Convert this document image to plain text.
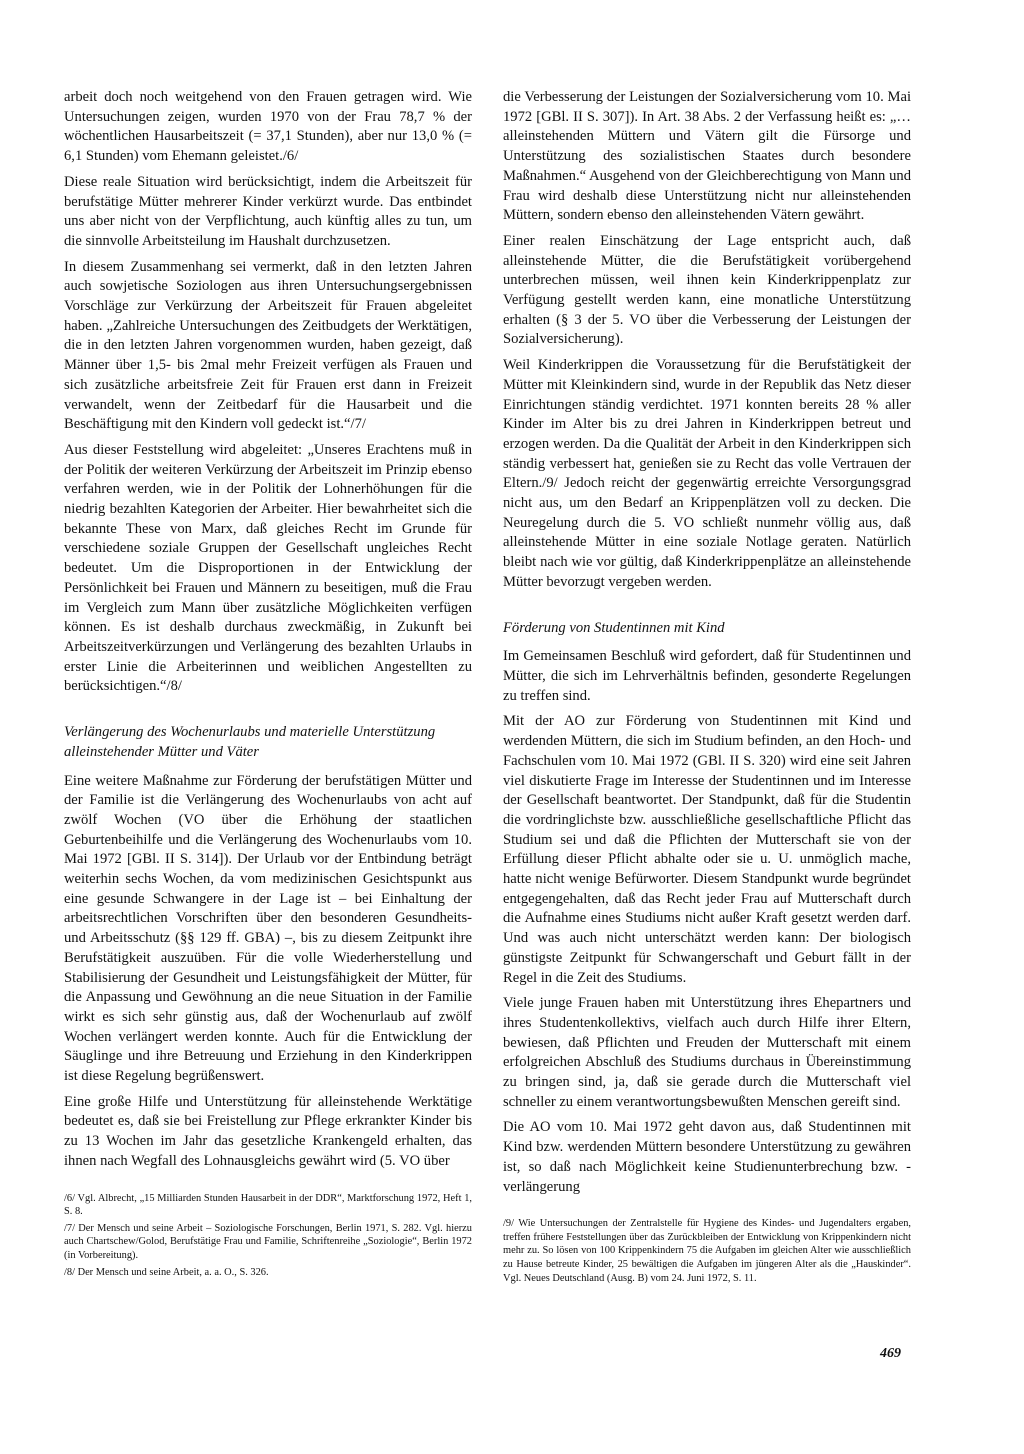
arbeit doch noch weitgehend von den Frauen getragen wird. Wie Untersuchungen zeigen, wurden 1970 von der Frau 78,7 % der wöchentlichen Hausarbeitszeit (= 37,1 Stunden), aber nur 13,0 % (= 6,1 Stunden) vom Ehemann geleistet./6/

Diese reale Situation wird berücksichtigt, indem die Arbeitszeit für berufstätige Mütter mehrerer Kinder verkürzt wurde. Das entbindet uns aber nicht von der Verpflichtung, auch künftig alles zu tun, um die sinnvolle Arbeitsteilung im Haushalt durchzusetzen.

In diesem Zusammenhang sei vermerkt, daß in den letzten Jahren auch sowjetische Soziologen aus ihren Untersuchungsergebnissen Vorschläge zur Verkürzung der Arbeitszeit für Frauen abgeleitet haben. „Zahlreiche Untersuchungen des Zeitbudgets der Werktätigen, die in den letzten Jahren vorgenommen wurden, haben gezeigt, daß Männer über 1,5- bis 2mal mehr Freizeit verfügen als Frauen und sich zusätzliche arbeitsfreie Zeit für Frauen erst dann in Freizeit verwandelt, wenn der Zeitbedarf für die Hausarbeit und die Beschäftigung mit den Kindern voll gedeckt ist.“/7/

Aus dieser Feststellung wird abgeleitet: „Unseres Erachtens muß in der Politik der weiteren Verkürzung der Arbeitszeit im Prinzip ebenso verfahren werden, wie in der Politik der Lohnerhöhungen für die niedrig bezahlten Kategorien der Arbeiter. Hier bewahrheitet sich die bekannte These von Marx, daß gleiches Recht im Grunde für verschiedene soziale Gruppen der Gesellschaft ungleiches Recht bedeutet. Um die Disproportionen in der Entwicklung der Persönlichkeit bei Frauen und Männern zu beseitigen, muß die Frau im Vergleich zum Mann über zusätzliche Möglichkeiten verfügen können. Es ist deshalb durchaus zweckmäßig, in Zukunft bei Arbeitszeitverkürzungen und Verlängerung des bezahlten Urlaubs in erster Linie die Arbeiterinnen und weiblichen Angestellten zu berücksichtigen.“/8/

Verlängerung des Wochenurlaubs und materielle Unterstützung alleinstehender Mütter und Väter

Eine weitere Maßnahme zur Förderung der berufstätigen Mütter und der Familie ist die Verlängerung des Wochenurlaubs von acht auf zwölf Wochen (VO über die Erhöhung der staatlichen Geburtenbeihilfe und die Verlängerung des Wochenurlaubs vom 10. Mai 1972 [GBl. II S. 314]). Der Urlaub vor der Entbindung beträgt weiterhin sechs Wochen, da vom medizinischen Gesichtspunkt aus eine gesunde Schwangere in der Lage ist – bei Einhaltung der arbeitsrechtlichen Vorschriften über den besonderen Gesundheits- und Arbeitsschutz (§§ 129 ff. GBA) –, bis zu diesem Zeitpunkt ihre Berufstätigkeit auszuüben. Für die volle Wiederherstellung und Stabilisierung der Gesundheit und Leistungsfähigkeit der Mütter, für die Anpassung und Gewöhnung an die neue Situation in der Familie wirkt es sich sehr günstig aus, daß der Wochenurlaub auf zwölf Wochen verlängert werden konnte. Auch für die Entwicklung der Säuglinge und ihre Betreuung und Erziehung in den Kinderkrippen ist diese Regelung begrüßenswert.

Eine große Hilfe und Unterstützung für alleinstehende Werktätige bedeutet es, daß sie bei Freistellung zur Pflege erkrankter Kinder bis zu 13 Wochen im Jahr das gesetzliche Krankengeld erhalten, das ihnen nach Wegfall des Lohnausgleichs gewährt wird (5. VO über

/6/ Vgl. Albrecht, „15 Milliarden Stunden Hausarbeit in der DDR“, Marktforschung 1972, Heft 1, S. 8.

/7/ Der Mensch und seine Arbeit – Soziologische Forschungen, Berlin 1971, S. 282. Vgl. hierzu auch Chartschew/Golod, Berufstätige Frau und Familie, Schriftenreihe „Soziologie“, Berlin 1972 (in Vorbereitung).

/8/ Der Mensch und seine Arbeit, a. a. O., S. 326.

die Verbesserung der Leistungen der Sozialversicherung vom 10. Mai 1972 [GBl. II S. 307]). In Art. 38 Abs. 2 der Verfassung heißt es: „… alleinstehenden Müttern und Vätern gilt die Fürsorge und Unterstützung des sozialistischen Staates durch besondere Maßnahmen.“ Ausgehend von der Gleichberechtigung von Mann und Frau wird deshalb diese Unterstützung nicht nur alleinstehenden Müttern, sondern ebenso den alleinstehenden Vätern gewährt.

Einer realen Einschätzung der Lage entspricht auch, daß alleinstehende Mütter, die die Berufstätigkeit vorübergehend unterbrechen müssen, weil ihnen kein Kinderkrippenplatz zur Verfügung gestellt werden kann, eine monatliche Unterstützung erhalten (§ 3 der 5. VO über die Verbesserung der Leistungen der Sozialversicherung).

Weil Kinderkrippen die Voraussetzung für die Berufstätigkeit der Mütter mit Kleinkindern sind, wurde in der Republik das Netz dieser Einrichtungen ständig verdichtet. 1971 konnten bereits 28 % aller Kinder im Alter bis zu drei Jahren in Kinderkrippen betreut und erzogen werden. Da die Qualität der Arbeit in den Kinderkrippen sich ständig verbessert hat, genießen sie zu Recht das volle Vertrauen der Eltern./9/ Jedoch reicht der gegenwärtig erreichte Versorgungsgrad nicht aus, um den Bedarf an Krippenplätzen voll zu decken. Die Neuregelung durch die 5. VO schließt nunmehr völlig aus, daß alleinstehende Mütter in eine soziale Notlage geraten. Natürlich bleibt nach wie vor gültig, daß Kinderkrippenplätze an alleinstehende Mütter bevorzugt vergeben werden.

Förderung von Studentinnen mit Kind

Im Gemeinsamen Beschluß wird gefordert, daß für Studentinnen und Mütter, die sich im Lehrverhältnis befinden, gesonderte Regelungen zu treffen sind.

Mit der AO zur Förderung von Studentinnen mit Kind und werdenden Müttern, die sich im Studium befinden, an den Hoch- und Fachschulen vom 10. Mai 1972 (GBl. II S. 320) wird eine seit Jahren viel diskutierte Frage im Interesse der Studentinnen und im Interesse der Gesellschaft beantwortet. Der Standpunkt, daß für die Studentin die vordringlichste bzw. ausschließliche gesellschaftliche Pflicht das Studium sei und daß die Pflichten der Mutterschaft sie von der Erfüllung dieser Pflicht abhalte oder sie u. U. unmöglich mache, hatte nicht wenige Befürworter. Diesem Standpunkt wurde begründet entgegengehalten, daß das Recht jeder Frau auf Mutterschaft durch die Aufnahme eines Studiums nicht außer Kraft gesetzt werden darf. Und was auch nicht unterschätzt werden kann: Der biologisch günstigste Zeitpunkt für Schwangerschaft und Geburt fällt in der Regel in die Zeit des Studiums.

Viele junge Frauen haben mit Unterstützung ihres Ehepartners und ihres Studentenkollektivs, vielfach auch durch Hilfe ihrer Eltern, bewiesen, daß Pflichten und Freuden der Mutterschaft mit einem erfolgreichen Abschluß des Studiums durchaus in Übereinstimmung zu bringen sind, ja, daß sie gerade durch die Mutterschaft viel schneller zu einem verantwortungsbewußten Menschen gereift sind.

Die AO vom 10. Mai 1972 geht davon aus, daß Studentinnen mit Kind bzw. werdenden Müttern besondere Unterstützung zu gewähren ist, so daß nach Möglichkeit keine Studienunterbrechung bzw. -verlängerung

/9/ Wie Untersuchungen der Zentralstelle für Hygiene des Kindes- und Jugendalters ergaben, treffen frühere Feststellungen über das Zurückbleiben der Entwicklung von Krippenkindern nicht mehr zu. So lösen von 100 Krippenkindern 75 die Aufgaben im gleichen Alter wie ausschließlich zu Hause betreute Kinder, 25 bewältigen die Aufgaben im jüngeren Alter als die „Hauskinder“. Vgl. Neues Deutschland (Ausg. B) vom 24. Juni 1972, S. 11.

469
